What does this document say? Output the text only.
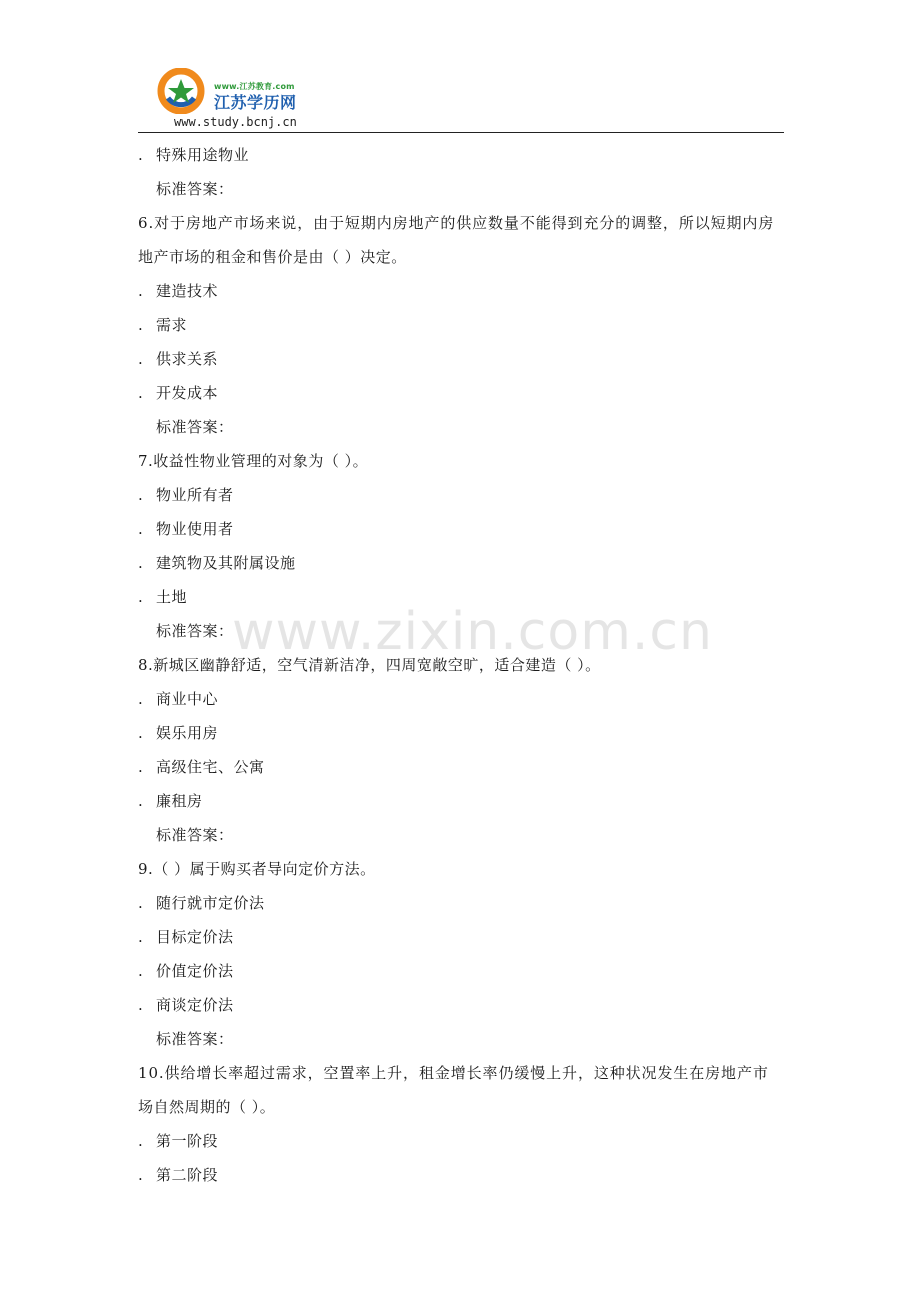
www.江苏教育.com
江苏学历网
www.study.bcnj.cn
www.zixin.com.cn
. 特殊用途物业
标准答案：
6.对于房地产市场来说，由于短期内房地产的供应数量不能得到充分的调整，所以短期内房
地产市场的租金和售价是由（ ）决定。
. 建造技术
. 需求
. 供求关系
. 开发成本
标准答案：
7.收益性物业管理的对象为（ ）。
. 物业所有者
. 物业使用者
. 建筑物及其附属设施
. 土地
标准答案：
8.新城区幽静舒适，空气清新洁净，四周宽敞空旷，适合建造（ ）。
. 商业中心
. 娱乐用房
. 高级住宅、公寓
. 廉租房
标准答案：
9.（ ）属于购买者导向定价方法。
. 随行就市定价法
. 目标定价法
. 价值定价法
. 商谈定价法
标准答案：
10.供给增长率超过需求，空置率上升，租金增长率仍缓慢上升，这种状况发生在房地产市
场自然周期的（ ）。
. 第一阶段
. 第二阶段
